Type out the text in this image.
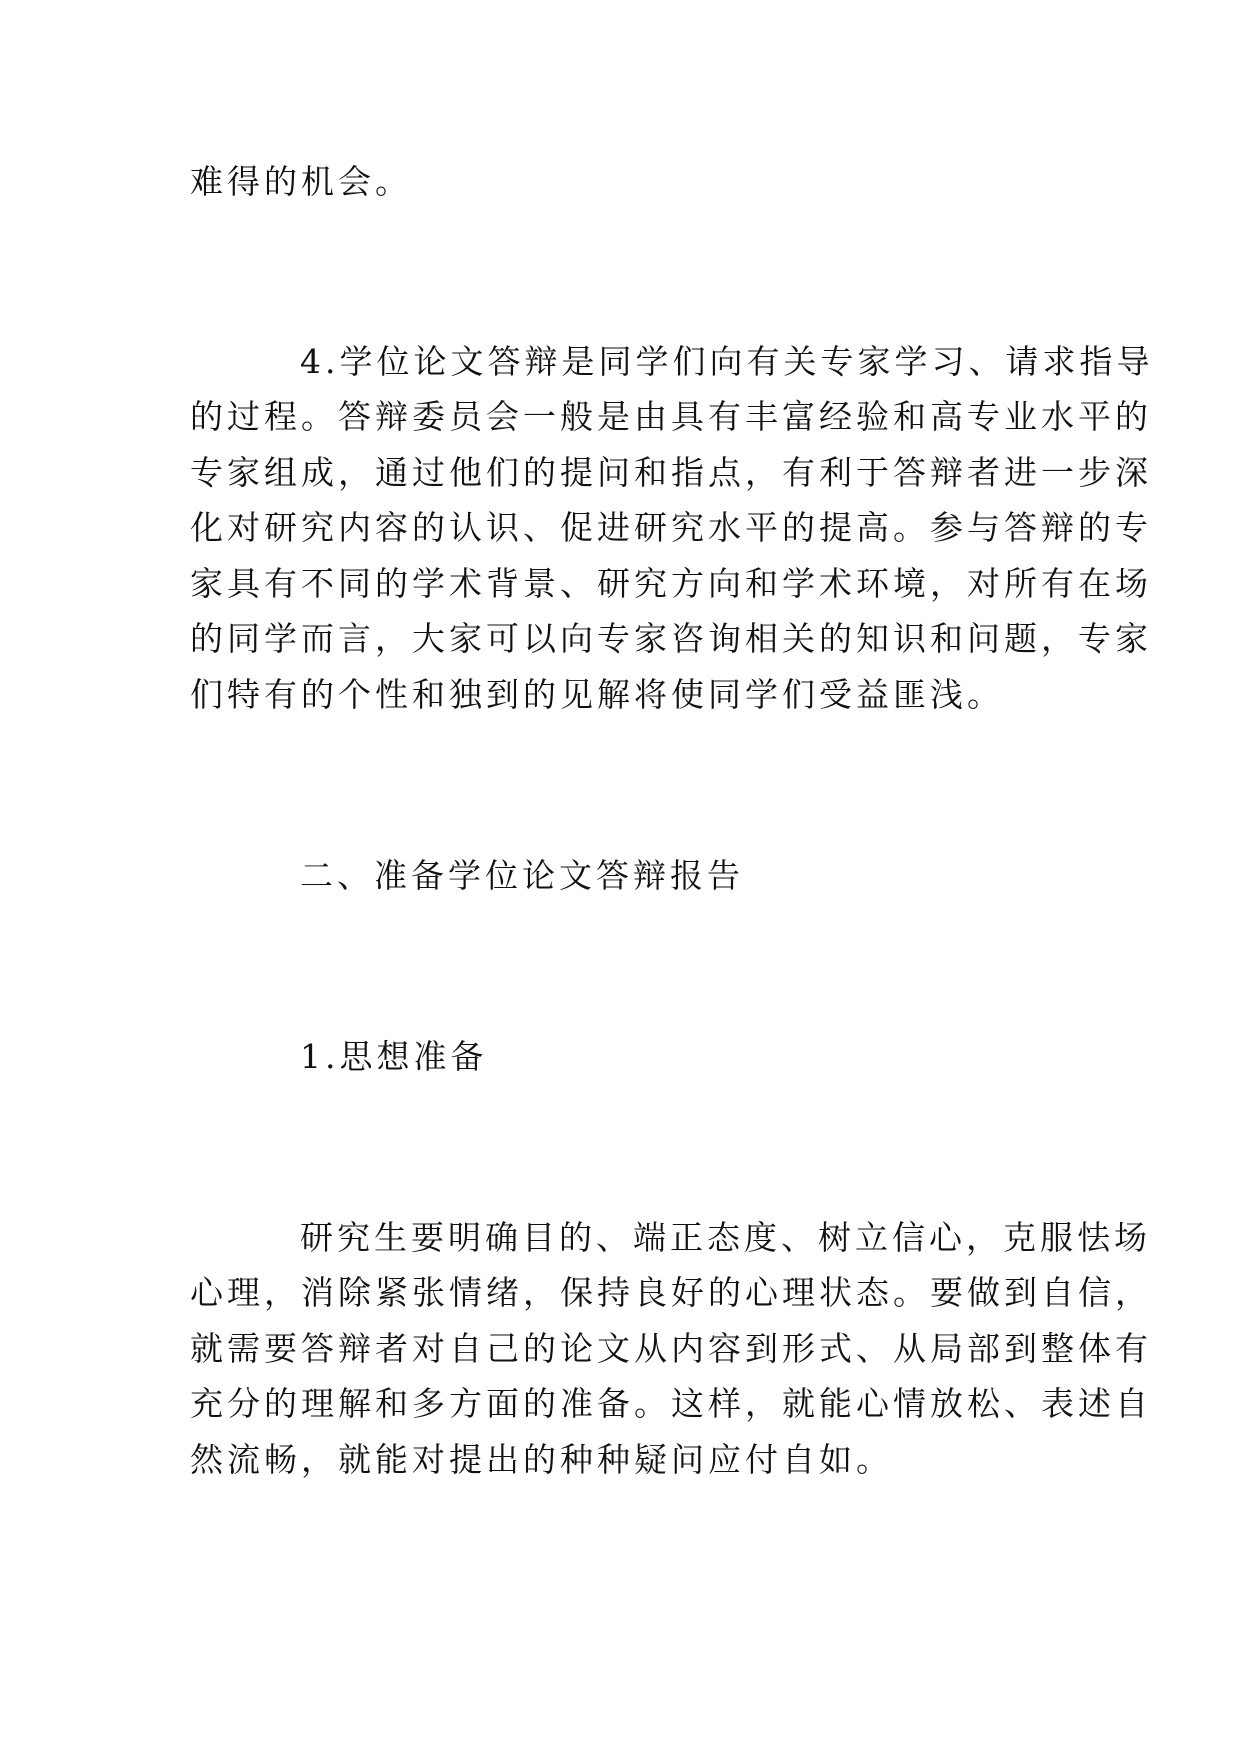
难得的机会。
4.学位论文答辩是同学们向有关专家学习、请求指导
的过程。答辩委员会一般是由具有丰富经验和高专业水平的
专家组成，通过他们的提问和指点，有利于答辩者进一步深
化对研究内容的认识、促进研究水平的提高。参与答辩的专
家具有不同的学术背景、研究方向和学术环境，对所有在场
的同学而言，大家可以向专家咨询相关的知识和问题，专家
们特有的个性和独到的见解将使同学们受益匪浅。
二、准备学位论文答辩报告
1.思想准备
研究生要明确目的、端正态度、树立信心，克服怯场
心理，消除紧张情绪，保持良好的心理状态。要做到自信，
就需要答辩者对自己的论文从内容到形式、从局部到整体有
充分的理解和多方面的准备。这样，就能心情放松、表述自
然流畅，就能对提出的种种疑问应付自如。
